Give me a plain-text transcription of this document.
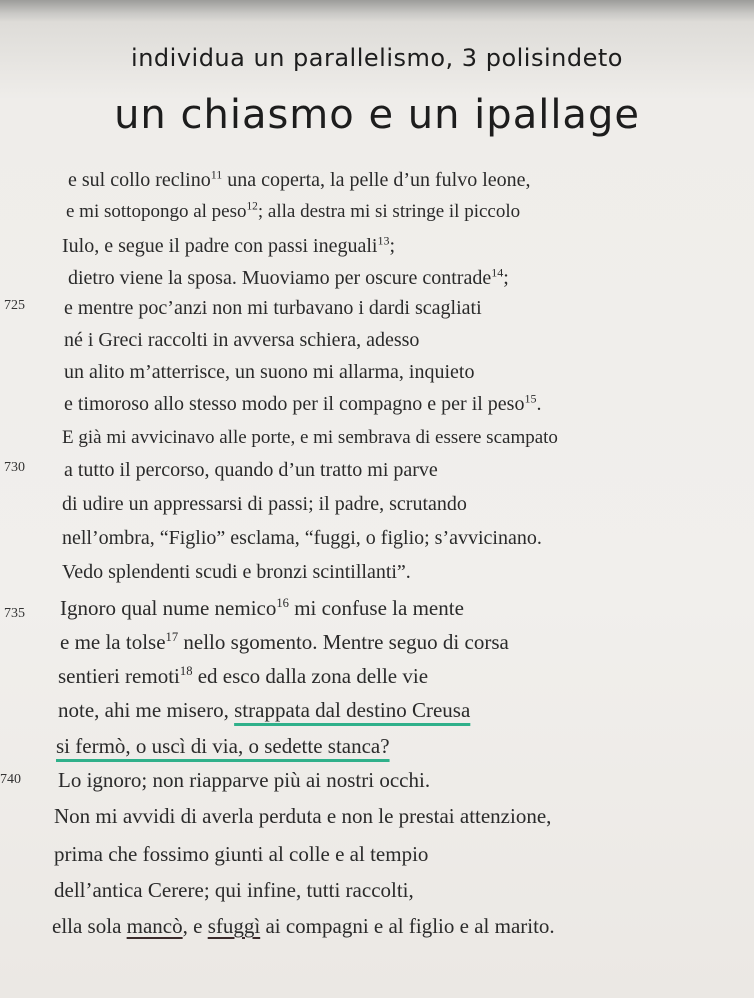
individua un parallelismo, 3 polisindeto
un chiasmo e un ipallage
725
730
735
740
e sul collo reclino$^{11}$ una coperta, la pelle d’un fulvo leone,
e mi sottopongo al peso$^{12}$; alla destra mi si stringe il piccolo
Iulo, e segue il padre con passi ineguali$^{13}$;
dietro viene la sposa. Muoviamo per oscure contrade$^{14}$;
e mentre poc’anzi non mi turbavano i dardi scagliati
né i Greci raccolti in avversa schiera, adesso
un alito m’atterrisce, un suono mi allarma, inquieto
e timoroso allo stesso modo per il compagno e per il peso$^{15}$.
E già mi avvicinavo alle porte, e mi sembrava di essere scampato
a tutto il percorso, quando d’un tratto mi parve
di udire un appressarsi di passi; il padre, scrutando
nell’ombra, “Figlio” esclama, “fuggi, o figlio; s’avvicinano.
Vedo splendenti scudi e bronzi scintillanti”.
Ignoro qual nume nemico$^{16}$ mi confuse la mente
e me la tolse$^{17}$ nello sgomento. Mentre seguo di corsa
sentieri remoti$^{18}$ ed esco dalla zona delle vie
note, ahi me misero, strappata dal destino Creusa
si fermò, o uscì di via, o sedette stanca?
Lo ignoro; non riapparve più ai nostri occhi.
Non mi avvidi di averla perduta e non le prestai attenzione,
prima che fossimo giunti al colle e al tempio
dell’antica Cerere; qui infine, tutti raccolti,
ella sola mancò, e sfuggì ai compagni e al figlio e al marito.
